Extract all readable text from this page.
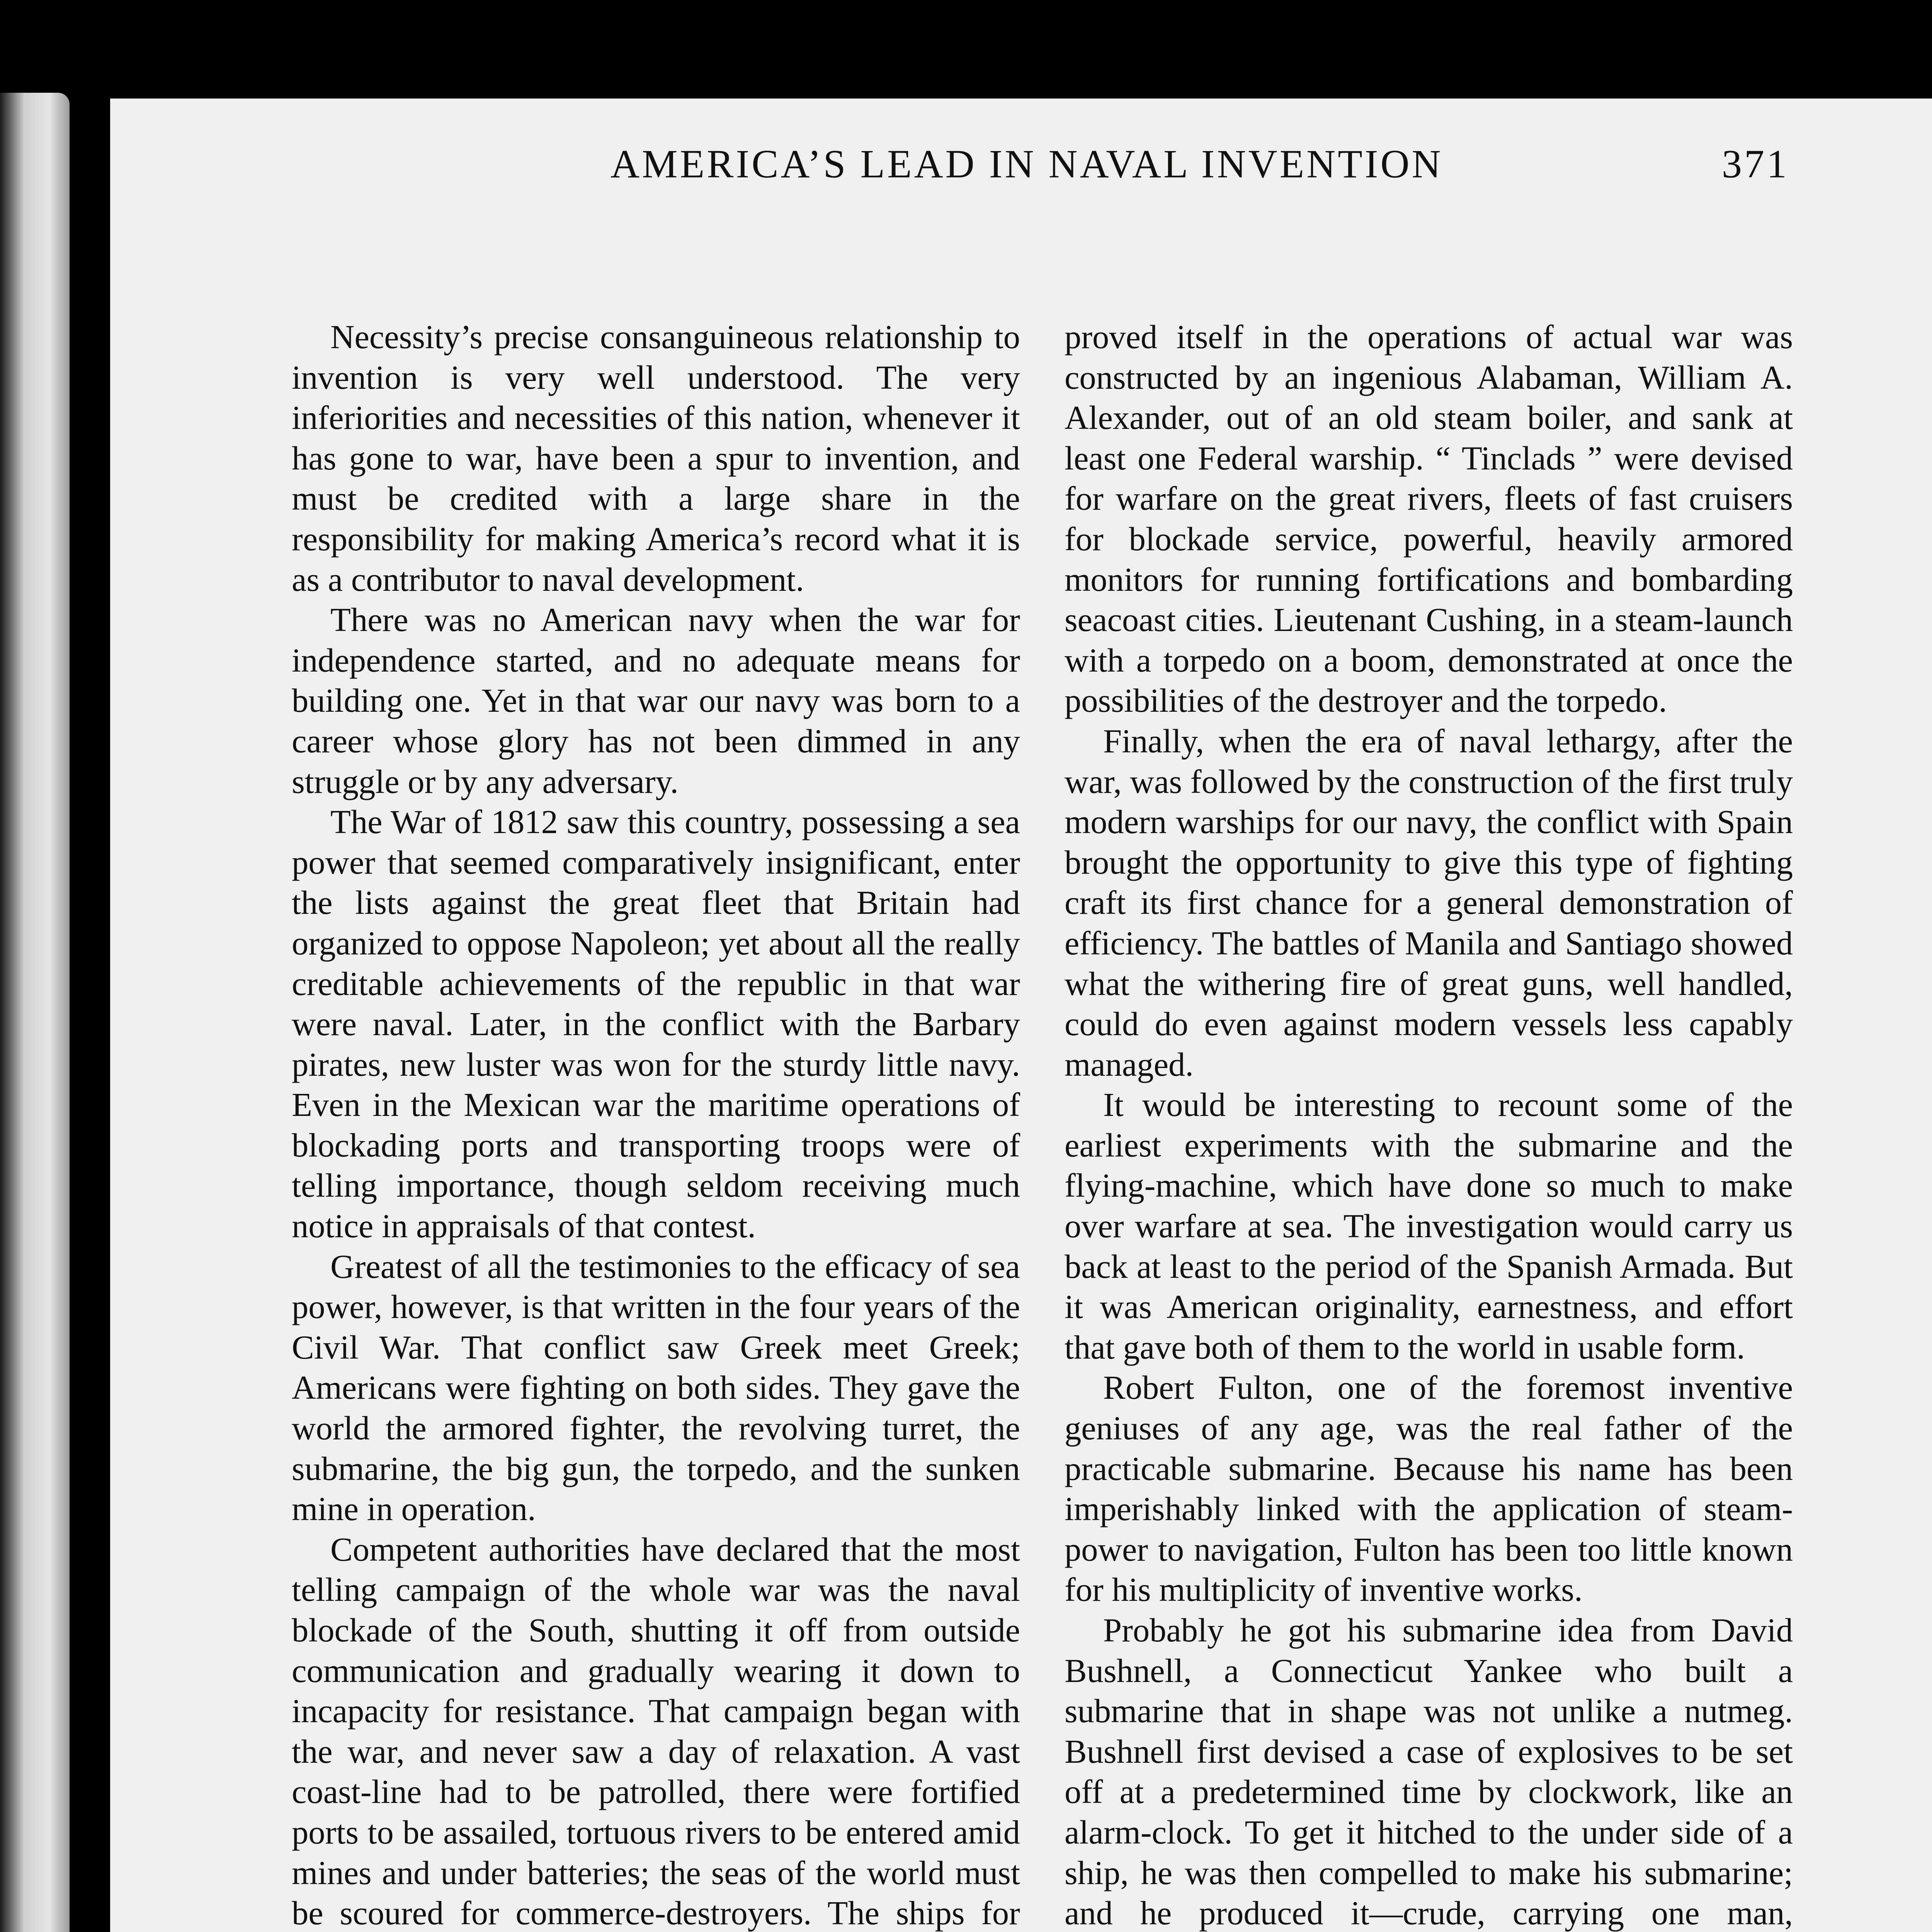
AMERICA’S LEAD IN NAVAL INVENTION	371

Necessity’s precise consanguineous relationship to invention is very well understood. The very inferiorities and necessities of this nation, whenever it has gone to war, have been a spur to invention, and must be credited with a large share in the responsibility for making America’s record what it is as a contributor to naval development.

There was no American navy when the war for independence started, and no adequate means for building one. Yet in that war our navy was born to a career whose glory has not been dimmed in any struggle or by any adversary.

The War of 1812 saw this country, possessing a sea power that seemed comparatively insignificant, enter the lists against the great fleet that Britain had organized to oppose Napoleon; yet about all the really creditable achievements of the republic in that war were naval. Later, in the conflict with the Barbary pirates, new luster was won for the sturdy little navy. Even in the Mexican war the maritime operations of blockading ports and transporting troops were of telling importance, though seldom receiving much notice in appraisals of that contest.

Greatest of all the testimonies to the efficacy of sea power, however, is that written in the four years of the Civil War. That conflict saw Greek meet Greek; Americans were fighting on both sides. They gave the world the armored fighter, the revolving turret, the submarine, the big gun, the torpedo, and the sunken mine in operation.

Competent authorities have declared that the most telling campaign of the whole war was the naval blockade of the South, shutting it off from outside communication and gradually wearing it down to incapacity for resistance. That campaign began with the war, and never saw a day of relaxation. A vast coast-line had to be patrolled, there were fortified ports to be assailed, tortuous rivers to be entered amid mines and under batteries; the seas of the world must be scoured for commerce-destroyers. The ships for

proved itself in the operations of actual war was constructed by an ingenious Alabaman, William A. Alexander, out of an old steam boiler, and sank at least one Federal warship. “ Tinclads ” were devised for warfare on the great rivers, fleets of fast cruisers for blockade service, powerful, heavily armored monitors for running fortifications and bombarding seacoast cities. Lieutenant Cushing, in a steam-launch with a torpedo on a boom, demonstrated at once the possibilities of the destroyer and the torpedo.

Finally, when the era of naval lethargy, after the war, was followed by the construction of the first truly modern warships for our navy, the conflict with Spain brought the opportunity to give this type of fighting craft its first chance for a general demonstration of efficiency. The battles of Manila and Santiago showed what the withering fire of great guns, well handled, could do even against modern vessels less capably managed.

It would be interesting to recount some of the earliest experiments with the submarine and the flying-machine, which have done so much to make over warfare at sea. The investigation would carry us back at least to the period of the Spanish Armada. But it was American originality, earnestness, and effort that gave both of them to the world in usable form.

Robert Fulton, one of the foremost inventive geniuses of any age, was the real father of the practicable submarine. Because his name has been imperishably linked with the application of steam-power to navigation, Fulton has been too little known for his multiplicity of inventive works.

Probably he got his submarine idea from David Bushnell, a Connecticut Yankee who built a submarine that in shape was not unlike a nutmeg. Bushnell first devised a case of explosives to be set off at a predetermined time by clockwork, like an alarm-clock. To get it hitched to the under side of a ship, he was then compelled to make his submarine; and he produced it—crude, carrying one man,
